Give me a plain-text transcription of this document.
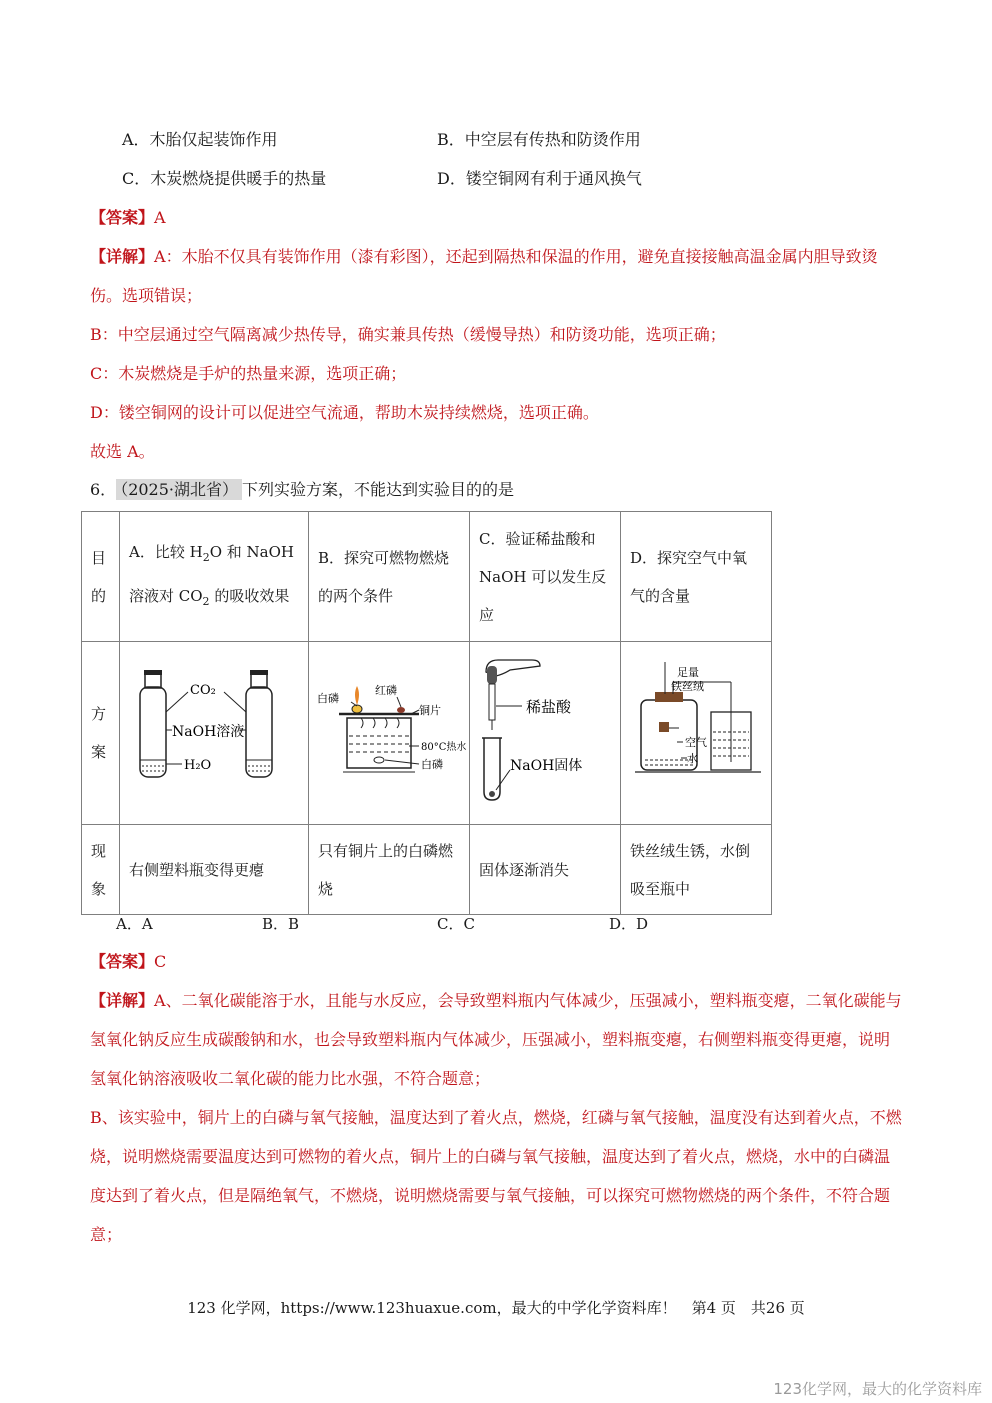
A．木胎仅起装饰作用	B．中空层有传热和防烫作用
C．木炭燃烧提供暖手的热量	D．镂空铜网有利于通风换气
【答案】A

【详解】A：木胎不仅具有装饰作用（漆有彩图），还起到隔热和保温的作用，避免直接接触高温金属内胆导致烫伤。选项错误；

B：中空层通过空气隔离减少热传导，确实兼具传热（缓慢导热）和防烫功能，选项正确；

C：木炭燃烧是手炉的热量来源，选项正确；

D：镂空铜网的设计可以促进空气流通，帮助木炭持续燃烧，选项正确。

故选 A。

6． （2025·湖北省） 下列实验方案，不能达到实验目的的是
目的	A．比较 $H_2O$ 和 NaOH 溶液对 $CO_2$ 的吸收效果	B．探究可燃物燃烧的两个条件	C．验证稀盐酸和 NaOH 可以发生反应	D．探究空气中氧气的含量
方案	CO₂
NaOH溶液
H₂O	白磷
红磷
铜片
80°C热水
白磷	稀盐酸
NaOH固体	足量
铁丝绒
空气
水

现象	右侧塑料瓶变得更瘪	只有铜片上的白磷燃烧	固体逐渐消失	铁丝绒生锈，水倒吸至瓶中
A．A	B．B	C．C	D．D
【答案】C

【详解】A、二氧化碳能溶于水，且能与水反应，会导致塑料瓶内气体减少，压强减小，塑料瓶变瘪，二氧化碳能与氢氧化钠反应生成碳酸钠和水，也会导致塑料瓶内气体减少，压强减小，塑料瓶变瘪，右侧塑料瓶变得更瘪，说明氢氧化钠溶液吸收二氧化碳的能力比水强，不符合题意；

B、该实验中，铜片上的白磷与氧气接触，温度达到了着火点，燃烧，红磷与氧气接触，温度没有达到着火点，不燃烧，说明燃烧需要温度达到可燃物的着火点，铜片上的白磷与氧气接触，温度达到了着火点，燃烧，水中的白磷温度达到了着火点，但是隔绝氧气，不燃烧，说明燃烧需要与氧气接触，可以探究可燃物燃烧的两个条件，不符合题意；

123 化学网，https://www.123huaxue.com，最大的中学化学资料库！　第4 页　共26 页
123化学网，最大的化学资料库
